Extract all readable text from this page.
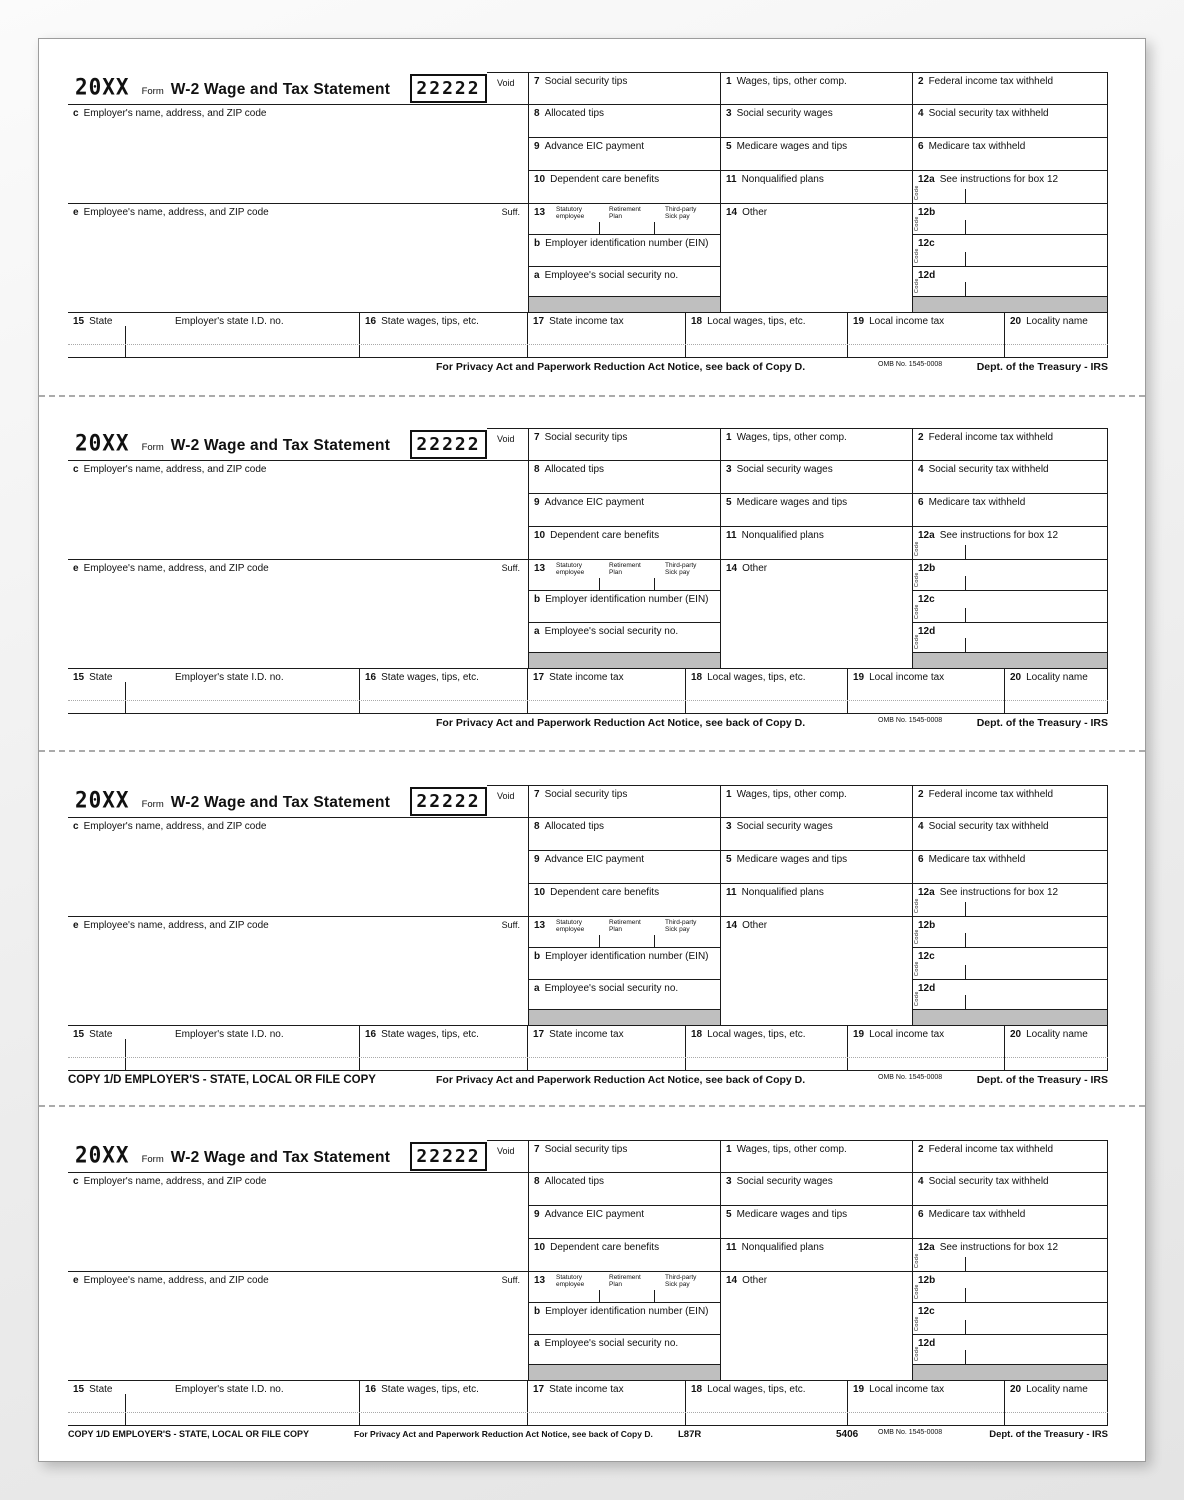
20XX Form W-2 Wage and Tax Statement	22222	Void
c Employer's name, address, and ZIP code
e Employee's name, address, and ZIP code	Suff.
7 Social security tips
8 Allocated tips
9 Advance EIC payment
10 Dependent care benefits
13 Statutory
employee
Retirement
Plan
Third-party
Sick pay
b Employer identification number (EIN)
a Employee's social security no.
1 Wages, tips, other comp.
3 Social security wages
5 Medicare wages and tips
11 Nonqualified plans
14 Other
2 Federal income tax withheld
4 Social security tax withheld
6 Medicare tax withheld
12a See instructions for box 12
Code
12b
Code
12c
Code
12d
Code
15 State	Employer's state I.D. no.	16 State wages, tips, etc.	17 State income tax	18 Local wages, tips, etc.	19 Local income tax	20 Locality name
For Privacy Act and Paperwork Reduction Act Notice, see back of Copy D.	OMB No. 1545-0008	Dept. of the Treasury - IRS
20XX Form W-2 Wage and Tax Statement	22222	Void
c Employer's name, address, and ZIP code
e Employee's name, address, and ZIP code	Suff.
7 Social security tips
8 Allocated tips
9 Advance EIC payment
10 Dependent care benefits
13 Statutory
employee
Retirement
Plan
Third-party
Sick pay
b Employer identification number (EIN)
a Employee's social security no.
1 Wages, tips, other comp.
3 Social security wages
5 Medicare wages and tips
11 Nonqualified plans
14 Other
2 Federal income tax withheld
4 Social security tax withheld
6 Medicare tax withheld
12a See instructions for box 12
Code
12b
Code
12c
Code
12d
Code
15 State	Employer's state I.D. no.	16 State wages, tips, etc.	17 State income tax	18 Local wages, tips, etc.	19 Local income tax	20 Locality name
For Privacy Act and Paperwork Reduction Act Notice, see back of Copy D.	OMB No. 1545-0008	Dept. of the Treasury - IRS
20XX Form W-2 Wage and Tax Statement	22222	Void
c Employer's name, address, and ZIP code
e Employee's name, address, and ZIP code	Suff.
7 Social security tips
8 Allocated tips
9 Advance EIC payment
10 Dependent care benefits
13 Statutory
employee
Retirement
Plan
Third-party
Sick pay
b Employer identification number (EIN)
a Employee's social security no.
1 Wages, tips, other comp.
3 Social security wages
5 Medicare wages and tips
11 Nonqualified plans
14 Other
2 Federal income tax withheld
4 Social security tax withheld
6 Medicare tax withheld
12a See instructions for box 12
Code
12b
Code
12c
Code
12d
Code
15 State	Employer's state I.D. no.	16 State wages, tips, etc.	17 State income tax	18 Local wages, tips, etc.	19 Local income tax	20 Locality name
COPY 1/D EMPLOYER'S - STATE, LOCAL OR FILE COPY	For Privacy Act and Paperwork Reduction Act Notice, see back of Copy D.	OMB No. 1545-0008	Dept. of the Treasury - IRS
20XX Form W-2 Wage and Tax Statement	22222	Void
c Employer's name, address, and ZIP code
e Employee's name, address, and ZIP code	Suff.
7 Social security tips
8 Allocated tips
9 Advance EIC payment
10 Dependent care benefits
13 Statutory
employee
Retirement
Plan
Third-party
Sick pay
b Employer identification number (EIN)
a Employee's social security no.
1 Wages, tips, other comp.
3 Social security wages
5 Medicare wages and tips
11 Nonqualified plans
14 Other
2 Federal income tax withheld
4 Social security tax withheld
6 Medicare tax withheld
12a See instructions for box 12
Code
12b
Code
12c
Code
12d
Code
15 State	Employer's state I.D. no.	16 State wages, tips, etc.	17 State income tax	18 Local wages, tips, etc.	19 Local income tax	20 Locality name
COPY 1/D EMPLOYER'S - STATE, LOCAL OR FILE COPY	For Privacy Act and Paperwork Reduction Act Notice, see back of Copy D.	L87R	5406	OMB No. 1545-0008	Dept. of the Treasury - IRS
